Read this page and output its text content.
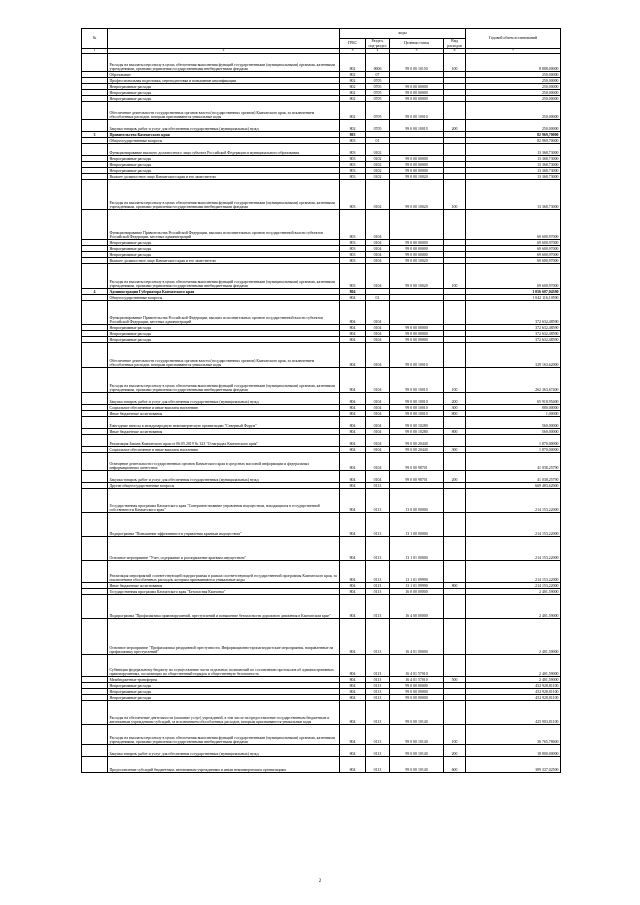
№		коды				Годовой объем ассигнований
		ГРБС	Раздел, под-раздел	Целевая статья	Вид расходов	
1	2	3	4	5	6	7
	Расходы на выплаты персоналу в целях обеспечения выполнения функций государственными (муниципальными) органами, казенными учреждениями, органами управления государственными внебюджетными фондами	802	0606	99 0 00 10150	100	8 888,00000
	Образование	802	07			250,00000
	Профессиональная подготовка, переподготовка и повышение квалификации	802	0705			250,00000
	Непрограммные расходы	802	0705	99 0 00 00000		250,00000
	Непрограммные расходы	802	0705	99 0 00 00000		250,00000
	Непрограммные расходы	802	0705	99 0 00 00000		250,00000
	Обеспечение деятельности государственных органов власти (государственных органов) Камчатского края, за исключением обособленных расходов, которым присваиваются уникальные коды	802	0705	99 0 00 10010		250,00000
	Закупка товаров, работ и услуг для обеспечения государственных (муниципальных) нужд	802	0705	99 0 00 10010	200	250,00000
3	Правительство Камчатского края	803				82 969,70000
	Общегосударственные вопросы	803	01			82 969,70000
	Функционирование высшего должностного лица субъекта Российской Федерации и муниципального образования	803	0102			13 368,73000
	Непрограммные расходы	803	0102	99 0 00 00000		13 368,73000
	Непрограммные расходы	803	0102	99 0 00 00000		13 368,73000
	Непрограммные расходы	803	0102	99 0 00 00000		13 368,73000
	Высшее должностное лицо Камчатского края и его заместители	803	0102	99 0 00 10020		13 368,73000
	Расходы на выплаты персоналу в целях обеспечения выполнения функций государственными (муниципальными) органами, казенными учреждениями, органами управления государственными внебюджетными фондами	803	0102	99 0 00 10020	100	13 368,73000
	Функционирование Правительства Российской Федерации, высших исполнительных органов государственной власти субъектов Российской Федерации, местных администраций	803	0104			69 600,97000
	Непрограммные расходы	803	0104	99 0 00 00000		69 600,97000
	Непрограммные расходы	803	0104	99 0 00 00000		69 600,97000
	Непрограммные расходы	803	0104	99 0 00 00000		69 600,97000
	Высшее должностное лицо Камчатского края и его заместители	803	0104	99 0 00 10020		69 600,97000
	Расходы на выплаты персоналу в целях обеспечения выполнения функций государственными (муниципальными) органами, казенными учреждениями, органами управления государственными внебюджетными фондами	803	0104	99 0 00 10020	100	69 600,97000
4	Администрация Губернатора Камчатского края	804				1 056 607,04590
	Общегосударственные вопросы	804	01			1 042 116,10590
	Функционирование Правительства Российской Федерации, высших исполнительных органов государственной власти субъектов Российской Федерации, местных администраций	804	0104			372 632,48590
	Непрограммные расходы	804	0104	99 0 00 00000		372 632,48590
	Непрограммные расходы	804	0104	99 0 00 00000		372 632,48590
	Непрограммные расходы	804	0104	99 0 00 00000		372 632,48590
	Обеспечение деятельности государственных органов власти (государственных органов) Камчатского края, за исключением обособленных расходов, которым присваиваются уникальные коды	804	0104	99 0 00 10010		329 163,62000
	Расходы на выплаты персоналу в целях обеспечения выполнения функций государственными (муниципальными) органами, казенными учреждениями, органами управления государственными внебюджетными фондами	804	0104	99 0 00 10010	100	262 363,67400
	Закупка товаров, работ и услуг для обеспечения государственных (муниципальных) нужд	804	0104	99 0 00 10010	200	65 918,95400
	Социальное обеспечение и иные выплаты населению	804	0104	99 0 00 10010	300	880,00000
	Иные бюджетные ассигнования	804	0104	99 0 00 10010	800	1,00000
	Ежегодные взносы в международную некоммерческую организацию "Северный Форум"	804	0104	99 0 00 10280		560,00000
	Иные бюджетные ассигнования	804	0104	99 0 00 10280	800	560,00000
	Реализация Закона Камчатского края от 06.05.2019 № 323 "О наградах Камчатского края"	804	0104	99 0 00 20440		1 870,00000
	Социальное обеспечение и иные выплаты населению	804	0104	99 0 00 20440	300	1 870,00000
	Освещение деятельности государственных органов Камчатского края в средствах массовой информации и федеральных информационных агентствах	804	0104	99 0 00 98701		41 038,25790
	Закупка товаров, работ и услуг для обеспечения государственных (муниципальных) нужд	804	0104	99 0 00 98701	200	41 038,25790
	Другие общегосударственные вопросы	804	0113			669 483,62000
	Государственная программа Камчатского края "Совершенствование управления имуществом, находящимся в государственной собственности Камчатского края"	804	0113	13 0 00 00000		214 153,22000
	Подпрограмма "Повышение эффективности управления краевым имуществом"	804	0113	13 1 00 00000		214 153,22000
	Основное мероприятие "Учет, содержание и распоряжение краевым имуществом"	804	0113	13 1 01 00000		214 153,22000
	Реализация мероприятий соответствующей подпрограммы в рамках соответствующей государственной программы Камчатского края, за исключением обособленных расходов, которым присваиваются уникальные коды	804	0113	13 1 01 09990		214 153,22000
	Иные бюджетные ассигнования	804	0113	13 1 01 09990	800	214 153,22000
	Государственная программа Камчатского края "Безопасная Камчатка"	804	0113	16 0 00 00000		2 401,59000
	Подпрограмма "Профилактика правонарушений, преступлений и повышение безопасности дорожного движения в Камчатском крае"	804	0113	16 4 00 00000		2 401,59000
	Основное мероприятие "Профилактика рецидивной преступности. Информационно-пропагандистские мероприятия, направленные на профилактику преступлений"	804	0113	16 4 01 00000		2 401,59000
	Субвенции федеральному бюджету на осуществление части отдельных полномочий по составлению протоколов об административных правонарушениях, посягающих на общественный порядок и общественную безопасность	804	0113	16 4 01 57010		2 401,59000
	Межбюджетные трансферты	804	0113	16 4 01 57010	500	2 401,59000
	Непрограммные расходы	804	0113	99 0 00 00000		452 928,81100
	Непрограммные расходы	804	0113	99 0 00 00000		452 928,81100
	Непрограммные расходы	804	0113	99 0 00 00000		452 928,81100
	Расходы на обеспечение деятельности (оказание услуг) учреждений, в том числе на предоставление государственным бюджетным и автономным учреждениям субсидий, за исключением обособленных расходов, которым присваиваются уникальные коды	804	0113	99 0 00 10140		425 903,81100
	Расходы на выплаты персоналу в целях обеспечения выполнения функций государственными (муниципальными) органами, казенными учреждениями, органами управления государственными внебюджетными фондами	804	0113	99 0 00 10140	100	36 765,78600
	Закупка товаров, работ и услуг для обеспечения государственных (муниципальных) нужд	804	0113	99 0 00 10140	200	18 800,00000
	Предоставление субсидий бюджетным, автономным учреждениям и иным некоммерческим организациям	804	0113	99 0 00 10140	600	389 337,02500
2
